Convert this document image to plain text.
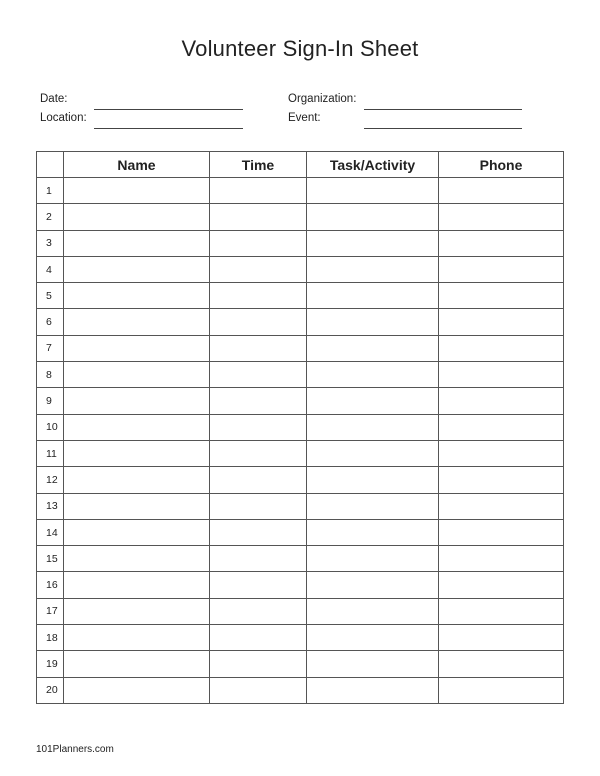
Volunteer Sign-In Sheet
Date:
Location:
Organization:
Event:
	Name	Time	Task/Activity	Phone
1				
2				
3				
4				
5				
6				
7				
8				
9				
10				
11				
12				
13				
14				
15				
16				
17				
18				
19				
20				
101Planners.com
